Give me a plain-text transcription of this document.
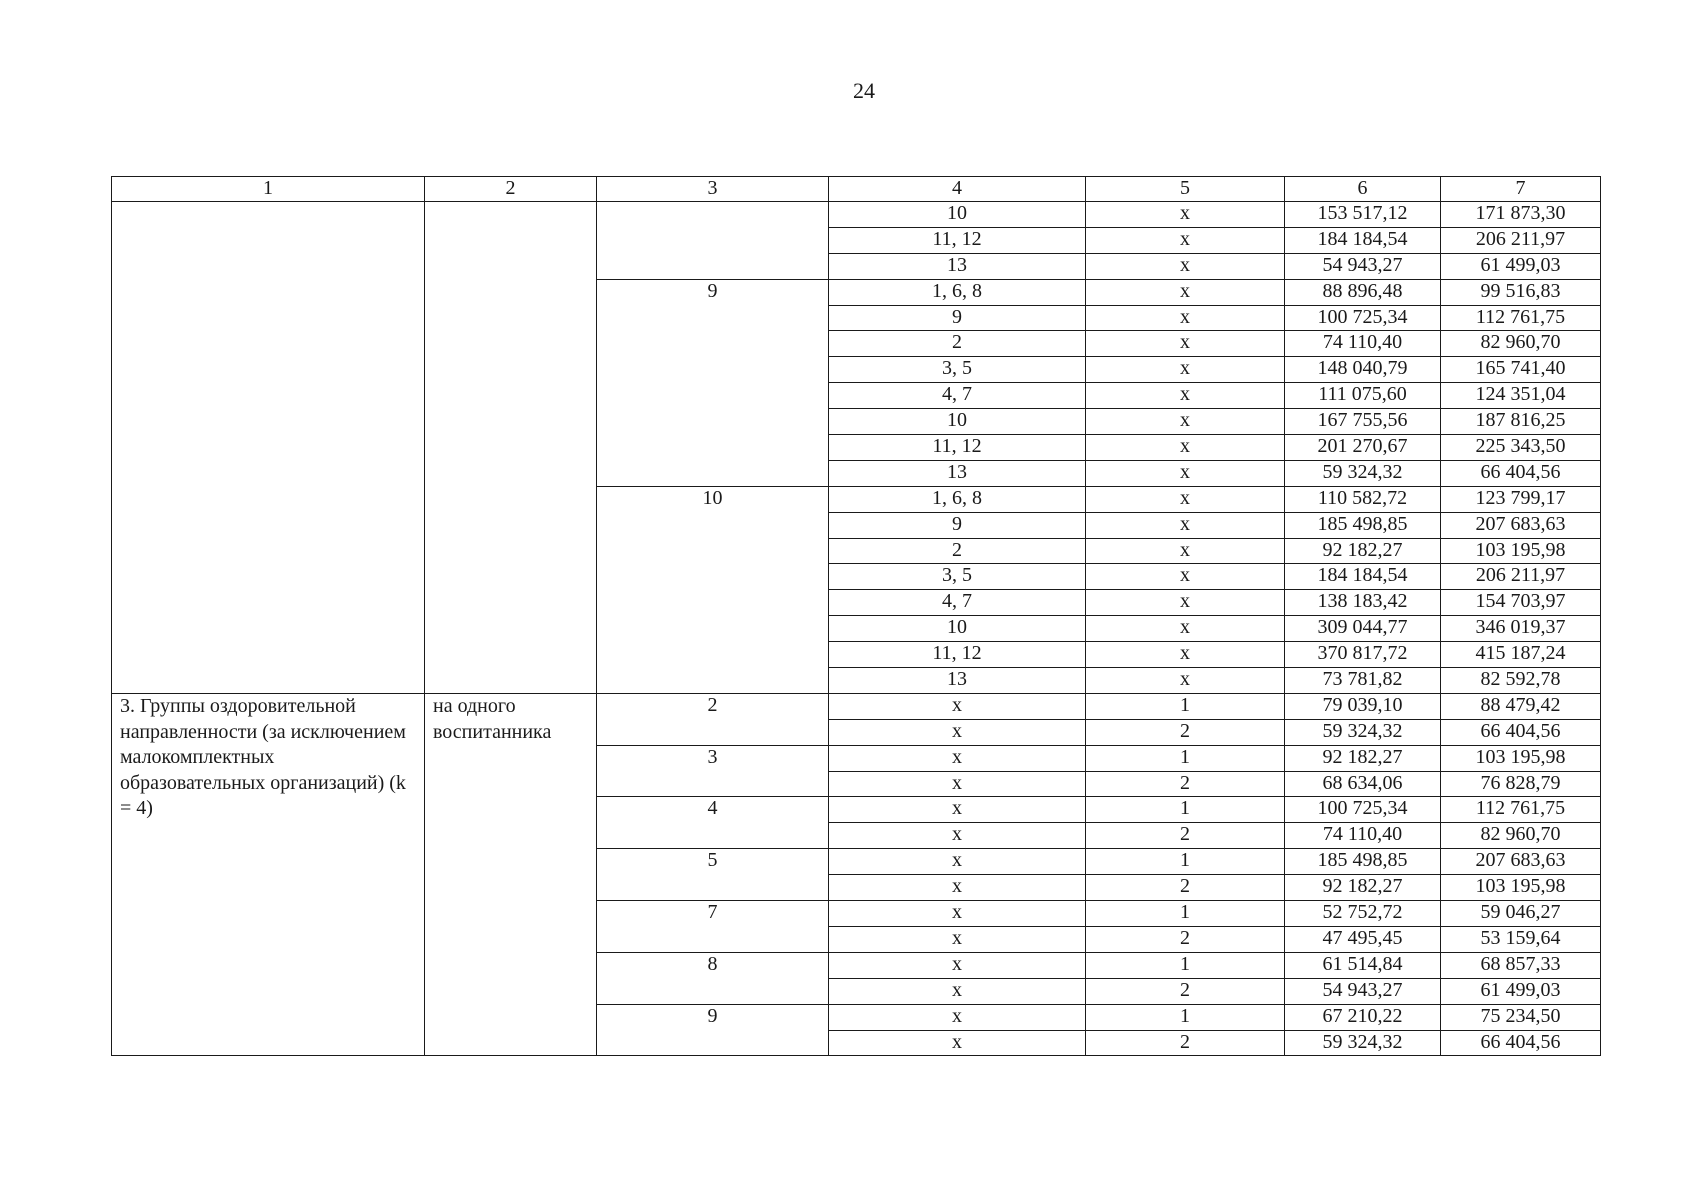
24
1	2	3	4	5	6	7
			10	x	153 517,12	171 873,30
			11, 12	x	184 184,54	206 211,97
			13	x	54 943,27	61 499,03
		9	1, 6, 8	x	88 896,48	99 516,83
			9	x	100 725,34	112 761,75
			2	x	74 110,40	82 960,70
			3, 5	x	148 040,79	165 741,40
			4, 7	x	111 075,60	124 351,04
			10	x	167 755,56	187 816,25
			11, 12	x	201 270,67	225 343,50
			13	x	59 324,32	66 404,56
		10	1, 6, 8	x	110 582,72	123 799,17
			9	x	185 498,85	207 683,63
			2	x	92 182,27	103 195,98
			3, 5	x	184 184,54	206 211,97
			4, 7	x	138 183,42	154 703,97
			10	x	309 044,77	346 019,37
			11, 12	x	370 817,72	415 187,24
			13	x	73 781,82	82 592,78
3. Группы оздоровительной направленности (за исключением малокомплектных образовательных организаций) (k = 4)	на одного воспитанника	2	x	1	79 039,10	88 479,42
			x	2	59 324,32	66 404,56
		3	x	1	92 182,27	103 195,98
			x	2	68 634,06	76 828,79
		4	x	1	100 725,34	112 761,75
			x	2	74 110,40	82 960,70
		5	x	1	185 498,85	207 683,63
			x	2	92 182,27	103 195,98
		7	x	1	52 752,72	59 046,27
			x	2	47 495,45	53 159,64
		8	x	1	61 514,84	68 857,33
			x	2	54 943,27	61 499,03
		9	x	1	67 210,22	75 234,50
			x	2	59 324,32	66 404,56
